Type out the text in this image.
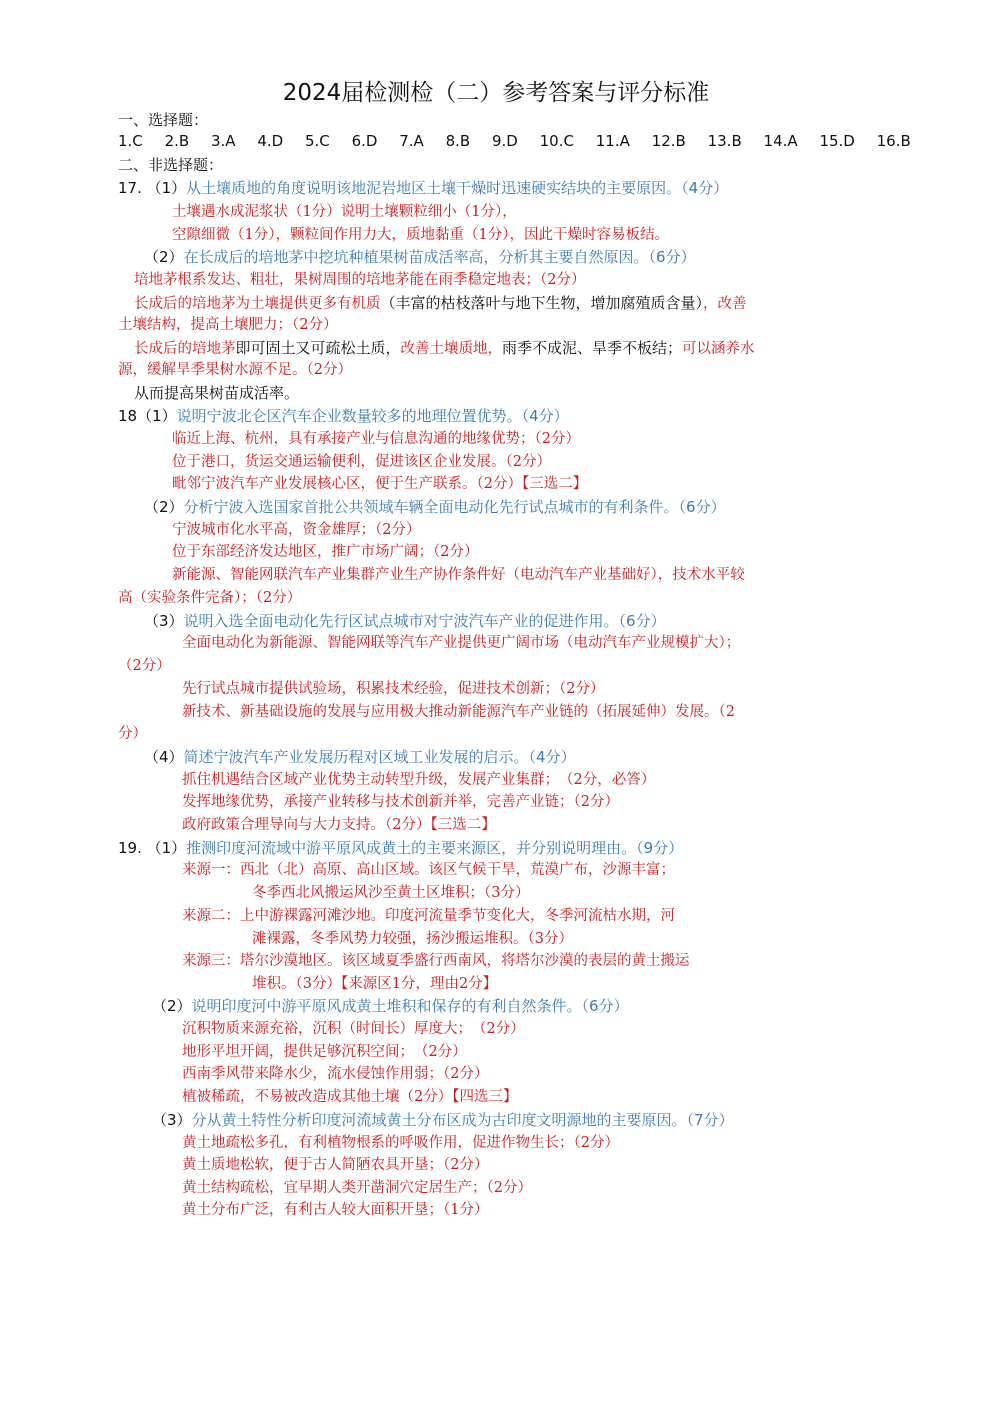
2024届检测检（二）参考答案与评分标准
一、选择题：
1.C 2.B 3.A 4.D 5.C 6.D 7.A 8.B 9.D 10.C 11.A 12.B 13.B 14.A 15.D 16.B
二、非选择题：
17. （1）从土壤质地的角度说明该地泥岩地区土壤干燥时迅速硬实结块的主要原因。（4分）
土壤遇水成泥浆状（1分）说明土壤颗粒细小（1分），
空隙细微（1分），颗粒间作用力大，质地黏重（1分），因此干燥时容易板结。
（2）在长成后的培地茅中挖坑种植果树苗成活率高，分析其主要自然原因。（6分）
培地茅根系发达、粗壮，果树周围的培地茅能在雨季稳定地表；（2分）
长成后的培地茅为土壤提供更多有机质（丰富的枯枝落叶与地下生物，增加腐殖质含量），改善
土壤结构，提高土壤肥力；（2分）
长成后的培地茅即可固土又可疏松土质，改善土壤质地，雨季不成泥、旱季不板结；可以涵养水
源，缓解旱季果树水源不足。（2分）
从而提高果树苗成活率。
18（1）说明宁波北仑区汽车企业数量较多的地理位置优势。（4分）
临近上海、杭州，具有承接产业与信息沟通的地缘优势；（2分）
位于港口，货运交通运输便利，促进该区企业发展。（2分）
毗邻宁波汽车产业发展核心区，便于生产联系。（2分）【三选二】
（2）分析宁波入选国家首批公共领域车辆全面电动化先行试点城市的有利条件。（6分）
宁波城市化水平高，资金雄厚；（2分）
位于东部经济发达地区，推广市场广阔；（2分）
新能源、智能网联汽车产业集群产业生产协作条件好（电动汽车产业基础好），技术水平较
高（实验条件完备）；（2分）
（3）说明入选全面电动化先行区试点城市对宁波汽车产业的促进作用。（6分）
全面电动化为新能源、智能网联等汽车产业提供更广阔市场（电动汽车产业规模扩大）；
（2分）
先行试点城市提供试验场，积累技术经验，促进技术创新；（2分）
新技术、新基础设施的发展与应用极大推动新能源汽车产业链的（拓展延伸）发展。（2
分）
（4）简述宁波汽车产业发展历程对区域工业发展的启示。（4分）
抓住机遇结合区域产业优势主动转型升级，发展产业集群；　（2分，必答）
发挥地缘优势，承接产业转移与技术创新并举，完善产业链；（2分）
政府政策合理导向与大力支持。（2分）【三选二】
19. （1）推测印度河流域中游平原风成黄土的主要来源区，并分别说明理由。（9分）
来源一：西北（北）高原、高山区域。该区气候干旱，荒漠广布，沙源丰富；
冬季西北风搬运风沙至黄土区堆积；（3分）
来源二：上中游裸露河滩沙地。印度河流量季节变化大，冬季河流枯水期，河
滩裸露，冬季风势力较强，扬沙搬运堆积。（3分）
来源三：塔尔沙漠地区。该区域夏季盛行西南风，将塔尔沙漠的表层的黄土搬运
堆积。（3分）【来源区1分，理由2分】
（2）说明印度河中游平原风成黄土堆积和保存的有利自然条件。（6分）
沉积物质来源充裕，沉积（时间长）厚度大；　（2分）
地形平坦开阔，提供足够沉积空间；　（2分）
西南季风带来降水少，流水侵蚀作用弱；（2分）
植被稀疏，不易被改造成其他土壤（2分）【四选三】
（3）分从黄土特性分析印度河流域黄土分布区成为古印度文明源地的主要原因。（7分）
黄土地疏松多孔，有利植物根系的呼吸作用，促进作物生长；（2分）
黄土质地松软，便于古人简陋农具开垦；（2分）
黄土结构疏松，宜早期人类开凿洞穴定居生产；（2分）
黄土分布广泛，有利古人较大面积开垦；（1分）
